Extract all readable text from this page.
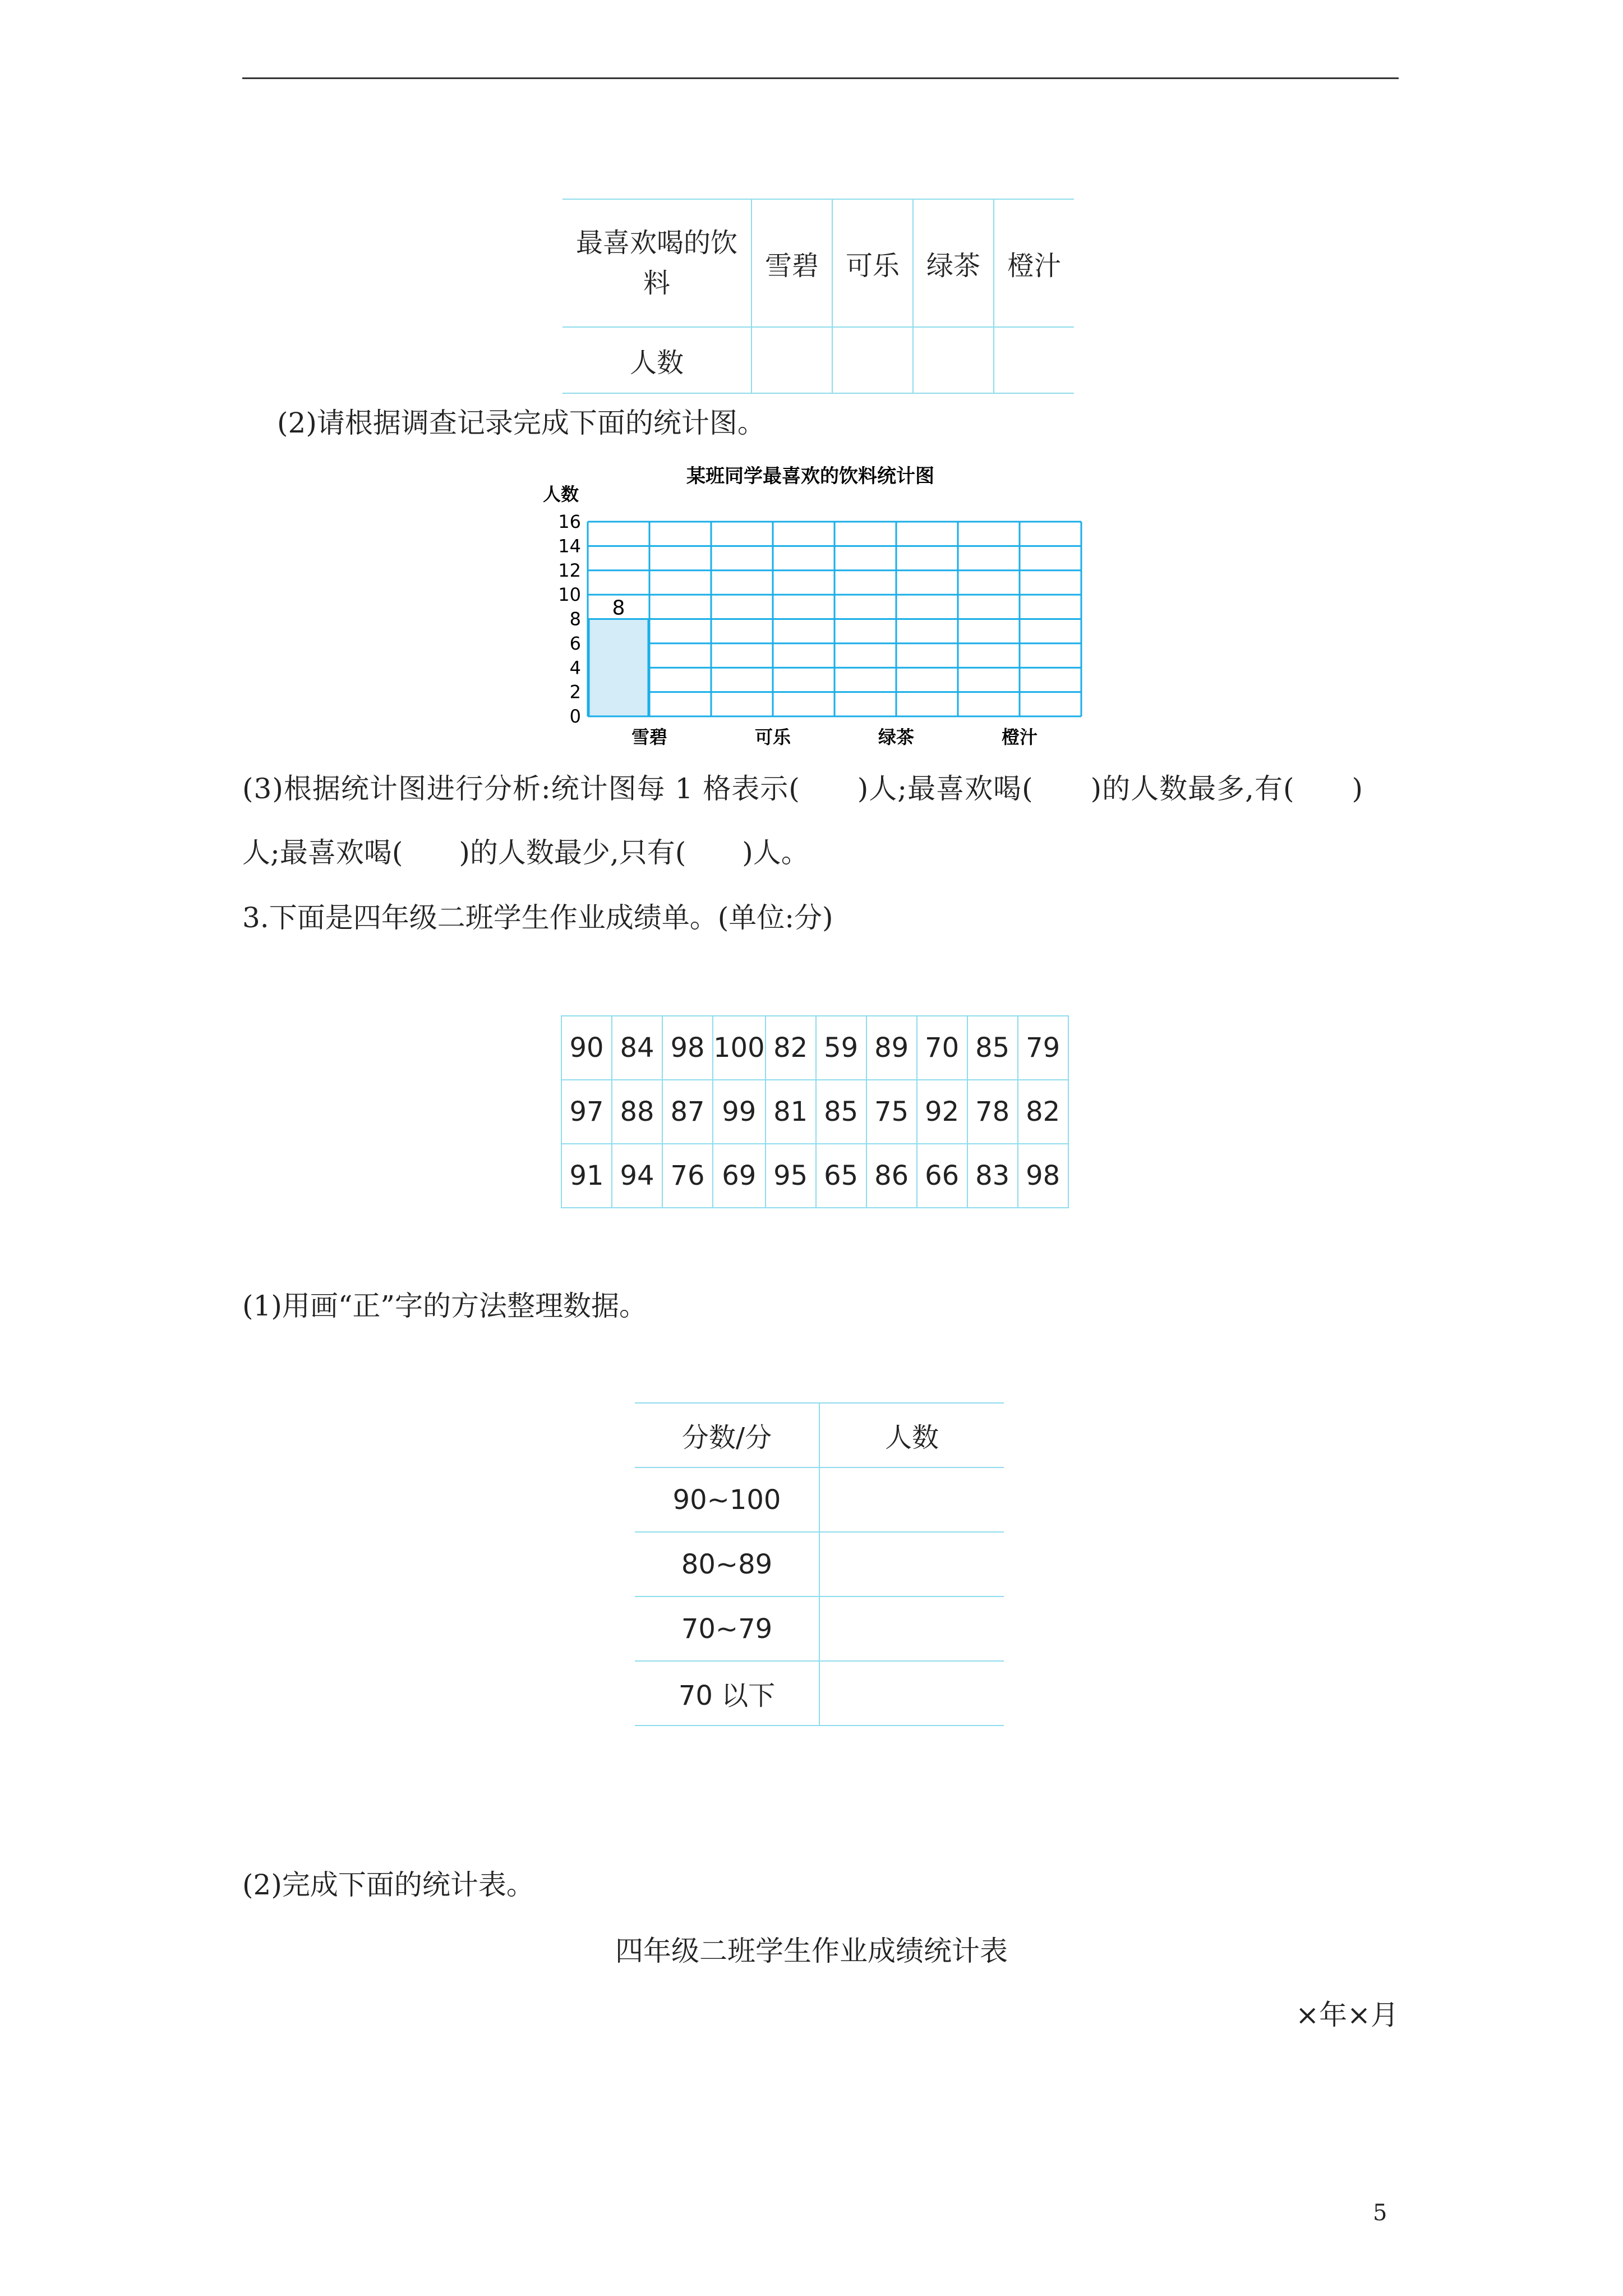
最喜欢喝的饮料	雪碧	可乐	绿茶	橙汁
人数				
(2)请根据调查记录完成下面的统计图。
某班同学最喜欢的饮料统计图
人数
8
0
2
4
6
8
10
12
14
16
雪碧	可乐	绿茶	橙汁
(3)根据统计图进行分析:统计图每 1 格表示(　　)人;最喜欢喝(　　)的人数最多,有(　　)
人;最喜欢喝(　　)的人数最少,只有(　　)人。
3.下面是四年级二班学生作业成绩单。(单位:分)
90	84	98	100	82	59	89	70	85	79
97	88	87	99	81	85	75	92	78	82
91	94	76	69	95	65	86	66	83	98
(1)用画“正”字的方法整理数据。
分数/分	人数
90~100	
80~89	
70~79	
70 以下	
(2)完成下面的统计表。
四年级二班学生作业成绩统计表
×年×月
5
